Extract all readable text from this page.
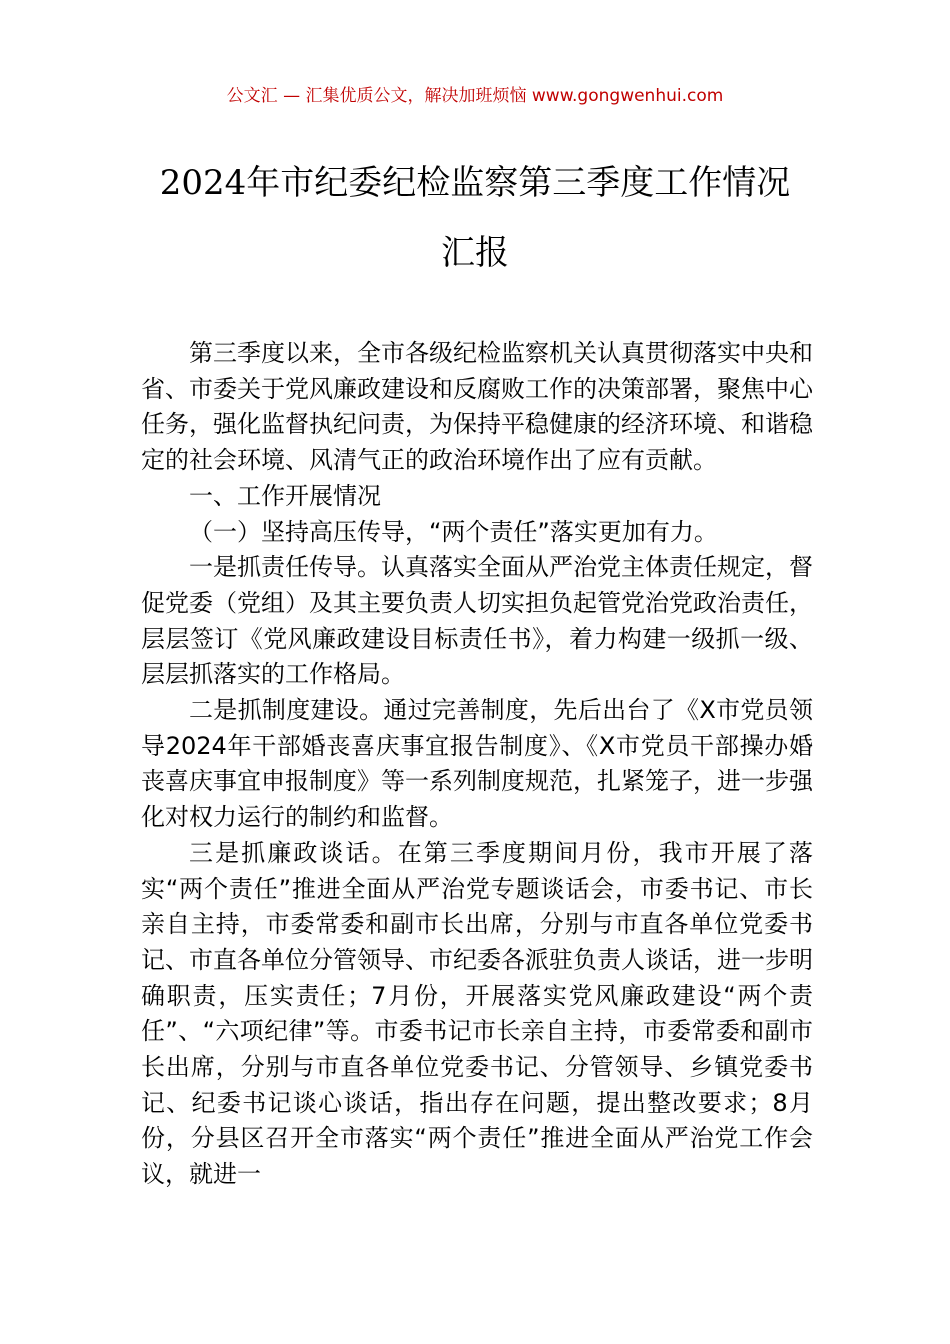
公文汇 — 汇集优质公文，解决加班烦恼 www.gongwenhui.com
2024年市纪委纪检监察第三季度工作情况
汇报

第三季度以来，全市各级纪检监察机关认真贯彻落实中央和省、市委关于党风廉政建设和反腐败工作的决策部署，聚焦中心任务，强化监督执纪问责，为保持平稳健康的经济环境、和谐稳定的社会环境、风清气正的政治环境作出了应有贡献。

一、工作开展情况

（一）坚持高压传导，“两个责任”落实更加有力。

一是抓责任传导。认真落实全面从严治党主体责任规定，督促党委（党组）及其主要负责人切实担负起管党治党政治责任，层层签订《党风廉政建设目标责任书》，着力构建一级抓一级、层层抓落实的工作格局。

二是抓制度建设。通过完善制度，先后出台了《X市党员领导2024年干部婚丧喜庆事宜报告制度》、《X市党员干部操办婚丧喜庆事宜申报制度》等一系列制度规范，扎紧笼子，进一步强化对权力运行的制约和监督。

三是抓廉政谈话。在第三季度期间月份，我市开展了落实“两个责任”推进全面从严治党专题谈话会，市委书记、市长亲自主持，市委常委和副市长出席，分别与市直各单位党委书记、市直各单位分管领导、市纪委各派驻负责人谈话，进一步明确职责，压实责任；7月份，开展落实党风廉政建设“两个责任”、“六项纪律”等。市委书记市长亲自主持，市委常委和副市长出席，分别与市直各单位党委书记、分管领导、乡镇党委书记、纪委书记谈心谈话，指出存在问题，提出整改要求；8月份，分县区召开全市落实“两个责任”推进全面从严治党工作会议，就进一
